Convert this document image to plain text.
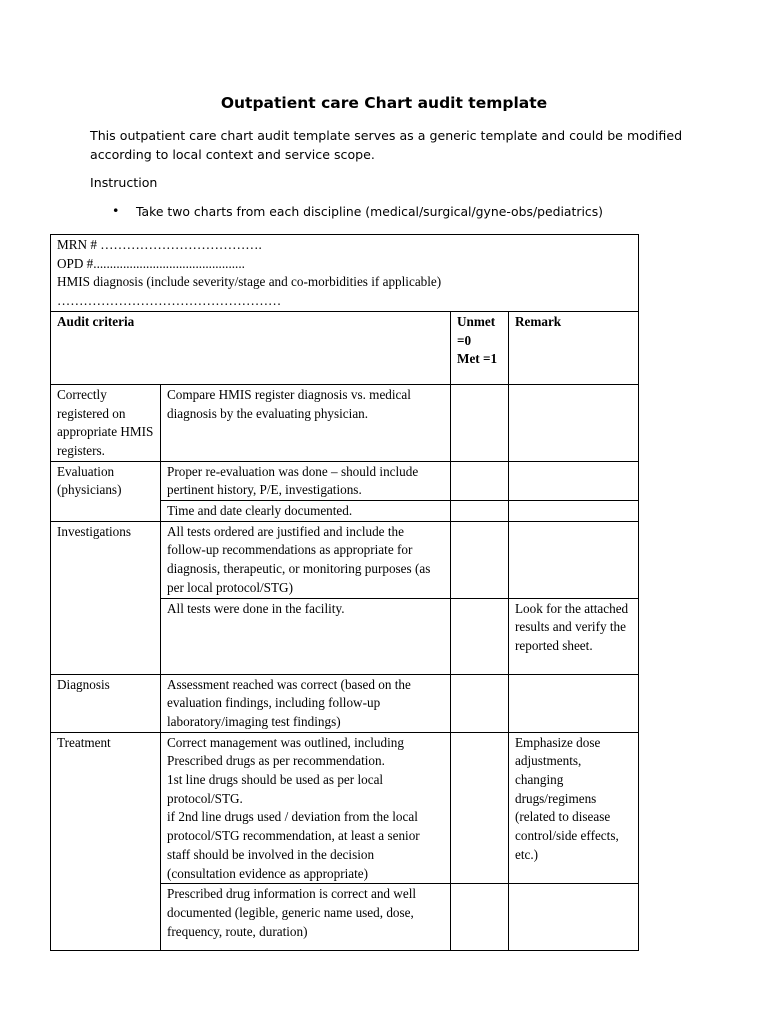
Outpatient care Chart audit template
This outpatient care chart audit template serves as a generic template and could be modified according to local context and service scope.
Instruction
• Take two charts from each discipline (medical/surgical/gyne-obs/pediatrics)
MRN # ……………………………….
OPD #..............................................
HMIS diagnosis (include severity/stage and co-morbidities if applicable)
……………………………………………			

Audit criteria		Unmet
=0
Met =1	Remark
Correctly registered on appropriate HMIS registers.	Compare HMIS register diagnosis vs. medical diagnosis by the evaluating physician.		
Evaluation (physicians)	Proper re-evaluation was done – should include pertinent history, P/E, investigations.		
	Time and date clearly documented.		
Investigations	All tests ordered are justified and include the follow-up recommendations as appropriate for diagnosis, therapeutic, or monitoring purposes (as per local protocol/STG)		
	All tests were done in the facility.		Look for the attached results and verify the reported sheet.
Diagnosis	Assessment reached was correct (based on the evaluation findings, including follow-up laboratory/imaging test findings)		
Treatment	Correct management was outlined, including
Prescribed drugs as per recommendation.
1st line drugs should be used as per local protocol/STG.
if 2nd line drugs used / deviation from the local protocol/STG recommendation, at least a senior staff should be involved in the decision (consultation evidence as appropriate)		Emphasize dose adjustments, changing drugs/regimens (related to disease control/side effects, etc.)
	Prescribed drug information is correct and well documented (legible, generic name used, dose, frequency, route, duration)		
